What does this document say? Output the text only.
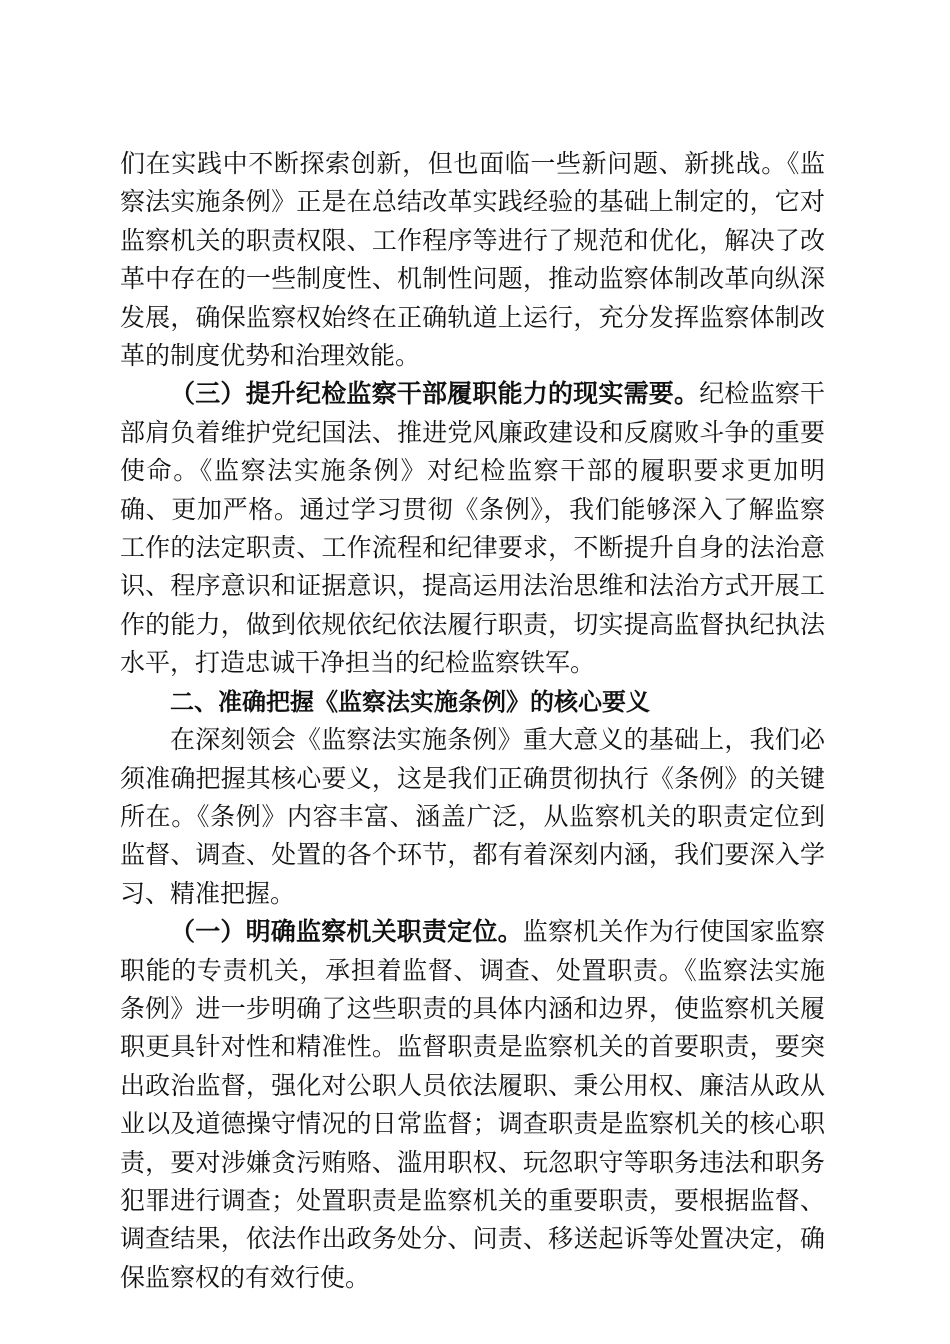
们在实践中不断探索创新，但也面临一些新问题、新挑战。《监察法实施条例》正是在总结改革实践经验的基础上制定的，它对监察机关的职责权限、工作程序等进行了规范和优化，解决了改革中存在的一些制度性、机制性问题，推动监察体制改革向纵深发展，确保监察权始终在正确轨道上运行，充分发挥监察体制改革的制度优势和治理效能。

（三）提升纪检监察干部履职能力的现实需要。纪检监察干部肩负着维护党纪国法、推进党风廉政建设和反腐败斗争的重要使命。《监察法实施条例》对纪检监察干部的履职要求更加明确、更加严格。通过学习贯彻《条例》，我们能够深入了解监察工作的法定职责、工作流程和纪律要求，不断提升自身的法治意识、程序意识和证据意识，提高运用法治思维和法治方式开展工作的能力，做到依规依纪依法履行职责，切实提高监督执纪执法水平，打造忠诚干净担当的纪检监察铁军。

二、准确把握《监察法实施条例》的核心要义

在深刻领会《监察法实施条例》重大意义的基础上，我们必须准确把握其核心要义，这是我们正确贯彻执行《条例》的关键所在。《条例》内容丰富、涵盖广泛，从监察机关的职责定位到监督、调查、处置的各个环节，都有着深刻内涵，我们要深入学习、精准把握。

（一）明确监察机关职责定位。监察机关作为行使国家监察职能的专责机关，承担着监督、调查、处置职责。《监察法实施条例》进一步明确了这些职责的具体内涵和边界，使监察机关履职更具针对性和精准性。监督职责是监察机关的首要职责，要突出政治监督，强化对公职人员依法履职、秉公用权、廉洁从政从业以及道德操守情况的日常监督；调查职责是监察机关的核心职责，要对涉嫌贪污贿赂、滥用职权、玩忽职守等职务违法和职务犯罪进行调查；处置职责是监察机关的重要职责，要根据监督、调查结果，依法作出政务处分、问责、移送起诉等处置决定，确保监察权的有效行使。
